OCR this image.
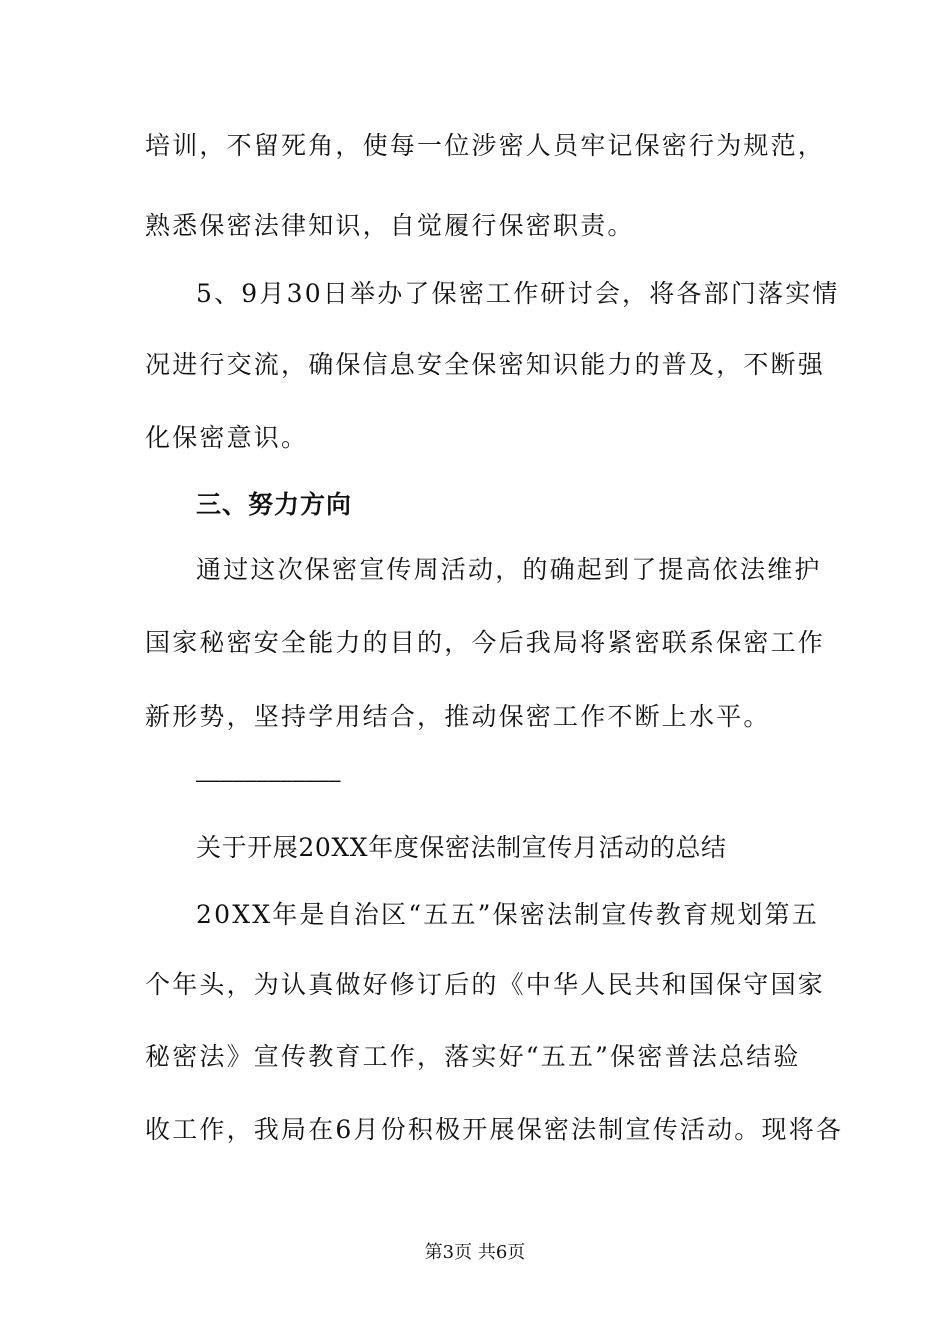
培训，不留死角，使每一位涉密人员牢记保密行为规范，
熟悉保密法律知识，自觉履行保密职责。
5、9月30日举办了保密工作研讨会，将各部门落实情
况进行交流，确保信息安全保密知识能力的普及，不断强
化保密意识。
三、努力方向
通过这次保密宣传周活动，的确起到了提高依法维护
国家秘密安全能力的目的，今后我局将紧密联系保密工作
新形势，坚持学用结合，推动保密工作不断上水平。
————————————
关于开展20XX年度保密法制宣传月活动的总结
20XX年是自治区“五五”保密法制宣传教育规划第五
个年头，为认真做好修订后的《中华人民共和国保守国家
秘密法》宣传教育工作，落实好“五五”保密普法总结验
收工作，我局在6月份积极开展保密法制宣传活动。现将各
第3页 共6页
